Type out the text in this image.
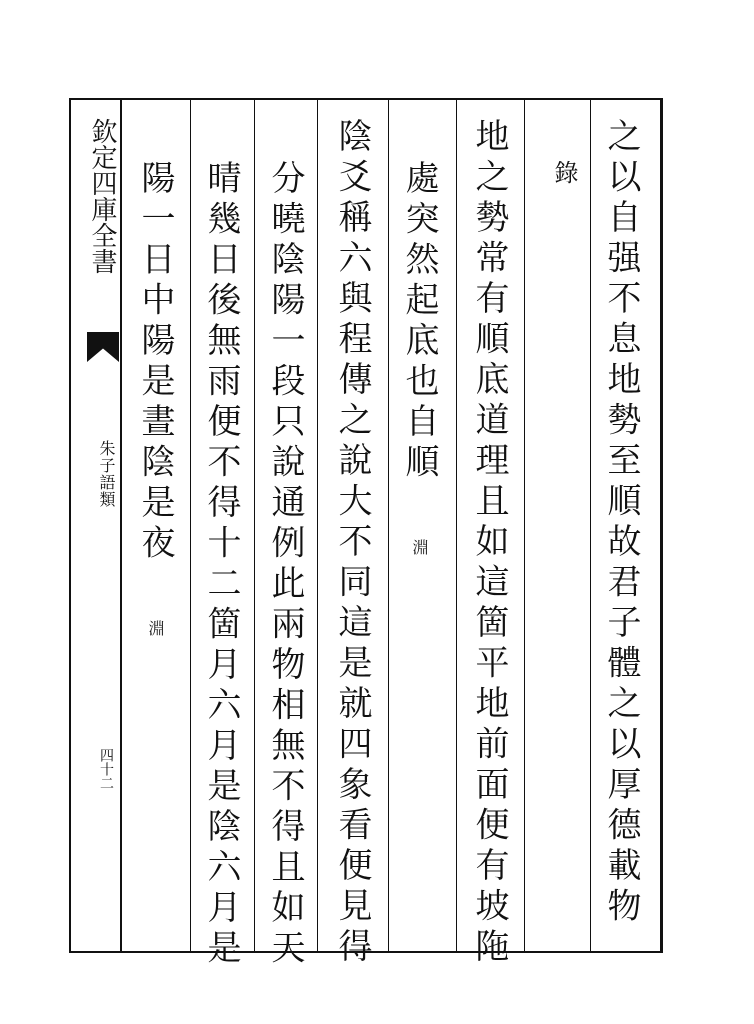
欽定四庫全書
朱子語類
四十二	之以自强不息地勢至順故君子體之以厚德載物
錄
地之勢常有順底道理且如這箇平地前面便有坡陁
處突然起底也自順 淵
陰爻稱六與程傳之說大不同這是就四象看便見得
分曉陰陽一段只說通例此兩物相無不得且如天
晴幾日後無雨便不得十二箇月六月是陰六月是
陽一日中陽是晝陰是夜 淵
